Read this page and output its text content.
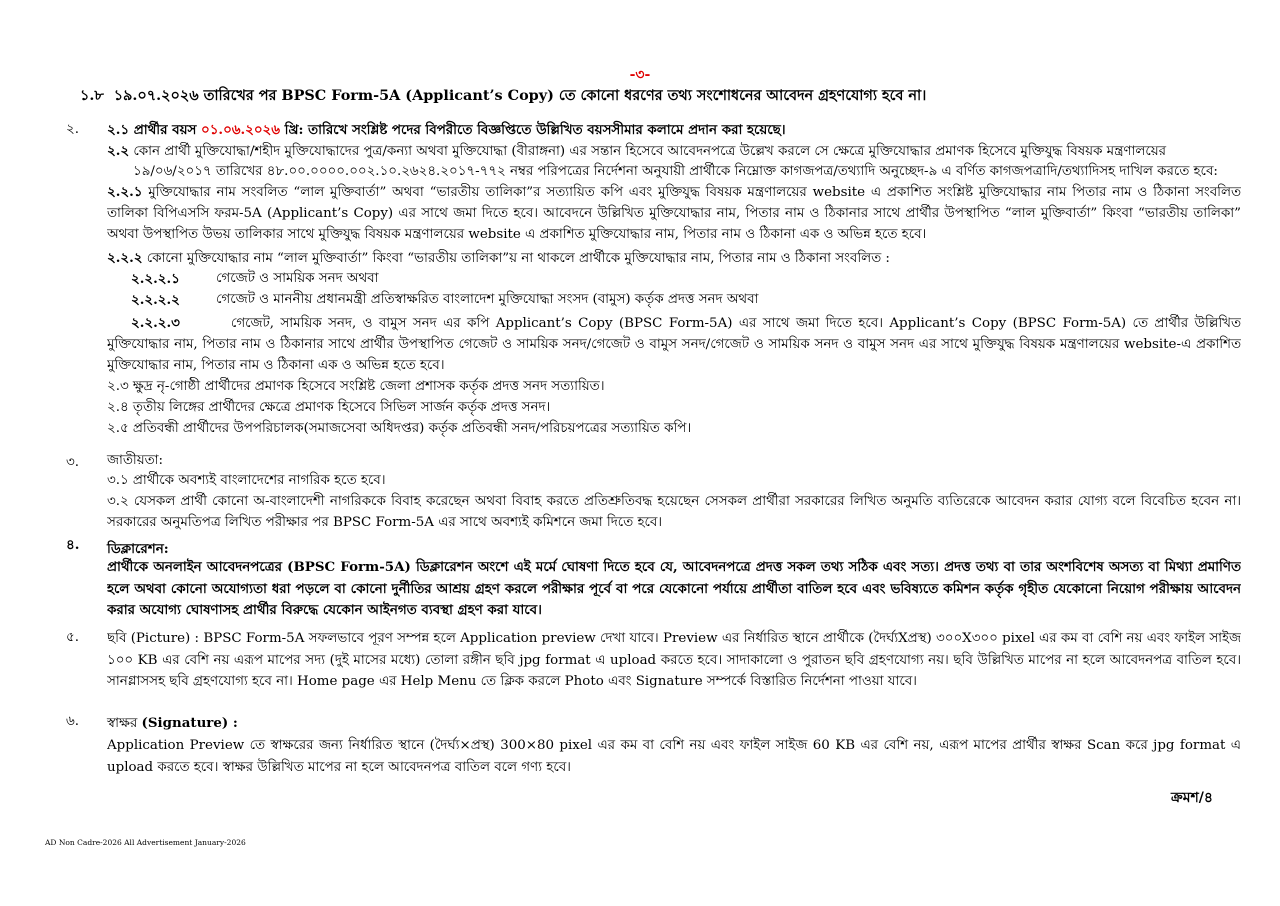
-৩-
১.৮ ১৯.০৭.২০২৬ তারিখের পর BPSC Form-5A (Applicant’s Copy) তে কোনো ধরণের তথ্য সংশোধনের আবেদন গ্রহণযোগ্য হবে না।
২. ২.১ প্রার্থীর বয়স ০১.০৬.২০২৬ খ্রি: তারিখে সংশ্লিষ্ট পদের বিপরীতে বিজ্ঞপ্তিতে উল্লিখিত বয়সসীমার কলামে প্রদান করা হয়েছে।
২.২ কোন প্রার্থী মুক্তিযোদ্ধা/শহীদ মুক্তিযোদ্ধাদের পুত্র/কন্যা অথবা মুক্তিযোদ্ধা (বীরাঙ্গনা) এর সন্তান হিসেবে আবেদনপত্রে উল্লেখ করলে সে ক্ষেত্রে মুক্তিযোদ্ধার প্রমাণক হিসেবে মুক্তিযুদ্ধ বিষয়ক মন্ত্রণালয়ের
১৯/০৬/২০১৭ তারিখের ৪৮.০০.০০০০.০০২.১০.২৬২৪.২০১৭-৭৭২ নম্বর পরিপত্রের নির্দেশনা অনুযায়ী প্রার্থীকে নিম্নোক্ত কাগজপত্র/তথ্যাদি অনুচ্ছেদ-৯ এ বর্ণিত কাগজপত্রাদি/তথ্যাদিসহ দাখিল করতে হবে:
২.২.১ মুক্তিযোদ্ধার নাম সংবলিত “লাল মুক্তিবার্তা” অথবা “ভারতীয় তালিকা”র সত্যায়িত কপি এবং মুক্তিযুদ্ধ বিষয়ক মন্ত্রণালয়ের website এ প্রকাশিত সংশ্লিষ্ট মুক্তিযোদ্ধার নাম পিতার নাম ও ঠিকানা সংবলিত তালিকা বিপিএসসি ফরম-5A (Applicant’s Copy) এর সাথে জমা দিতে হবে। আবেদনে উল্লিখিত মুক্তিযোদ্ধার নাম, পিতার নাম ও ঠিকানার সাথে প্রার্থীর উপস্থাপিত “লাল মুক্তিবার্তা” কিংবা “ভারতীয় তালিকা” অথবা উপস্থাপিত উভয় তালিকার সাথে মুক্তিযুদ্ধ বিষয়ক মন্ত্রণালয়ের website এ প্রকাশিত মুক্তিযোদ্ধার নাম, পিতার নাম ও ঠিকানা এক ও অভিন্ন হতে হবে।
২.২.২ কোনো মুক্তিযোদ্ধার নাম “লাল মুক্তিবার্তা” কিংবা “ভারতীয় তালিকা”য় না থাকলে প্রার্থীকে মুক্তিযোদ্ধার নাম, পিতার নাম ও ঠিকানা সংবলিত :
২.২.২.১	গেজেট ও সাময়িক সনদ অথবা
২.২.২.২	গেজেট ও মাননীয় প্রধানমন্ত্রী প্রতিস্বাক্ষরিত বাংলাদেশ মুক্তিযোদ্ধা সংসদ (বামুস) কর্তৃক প্রদত্ত সনদ অথবা
২.২.২.৩	গেজেট, সাময়িক সনদ, ও বামুস সনদ এর কপি Applicant’s Copy (BPSC Form-5A) এর সাথে জমা দিতে হবে। Applicant’s Copy (BPSC Form-5A) তে প্রার্থীর উল্লিখিত মুক্তিযোদ্ধার নাম, পিতার নাম ও ঠিকানার সাথে প্রার্থীর উপস্থাপিত গেজেট ও সাময়িক সনদ/গেজেট ও বামুস সনদ/গেজেট ও সাময়িক সনদ ও বামুস সনদ এর সাথে মুক্তিযুদ্ধ বিষয়ক মন্ত্রণালয়ের website-এ প্রকাশিত মুক্তিযোদ্ধার নাম, পিতার নাম ও ঠিকানা এক ও অভিন্ন হতে হবে।
২.৩ ক্ষুদ্র নৃ-গোষ্ঠী প্রার্থীদের প্রমাণক হিসেবে সংশ্লিষ্ট জেলা প্রশাসক কর্তৃক প্রদত্ত সনদ সত্যায়িত।
২.৪ তৃতীয় লিঙ্গের প্রার্থীদের ক্ষেত্রে প্রমাণক হিসেবে সিভিল সার্জন কর্তৃক প্রদত্ত সনদ।
২.৫ প্রতিবন্ধী প্রার্থীদের উপপরিচালক(সমাজসেবা অধিদপ্তর) কর্তৃক প্রতিবন্ধী সনদ/পরিচয়পত্রের সত্যায়িত কপি।
৩. জাতীয়তা:
৩.১ প্রার্থীকে অবশ্যই বাংলাদেশের নাগরিক হতে হবে।
৩.২ যেসকল প্রার্থী কোনো অ-বাংলাদেশী নাগরিককে বিবাহ করেছেন অথবা বিবাহ করতে প্রতিশ্রুতিবদ্ধ হয়েছেন সেসকল প্রার্থীরা সরকারের লিখিত অনুমতি ব্যতিরেকে আবেদন করার যোগ্য বলে বিবেচিত হবেন না। সরকারের অনুমতিপত্র লিখিত পরীক্ষার পর BPSC Form-5A এর সাথে অবশ্যই কমিশনে জমা দিতে হবে।
৪. ডিক্লারেশন:
প্রার্থীকে অনলাইন আবেদনপত্রের (BPSC Form-5A) ডিক্লারেশন অংশে এই মর্মে ঘোষণা দিতে হবে যে, আবেদনপত্রে প্রদত্ত সকল তথ্য সঠিক এবং সত্য। প্রদত্ত তথ্য বা তার অংশবিশেষ অসত্য বা মিথ্যা প্রমাণিত হলে অথবা কোনো অযোগ্যতা ধরা পড়লে বা কোনো দুর্নীতির আশ্রয় গ্রহণ করলে পরীক্ষার পূর্বে বা পরে যেকোনো পর্যায়ে প্রার্থীতা বাতিল হবে এবং ভবিষ্যতে কমিশন কর্তৃক গৃহীত যেকোনো নিয়োগ পরীক্ষায় আবেদন করার অযোগ্য ঘোষণাসহ প্রার্থীর বিরুদ্ধে যেকোন আইনগত ব্যবস্থা গ্রহণ করা যাবে।
৫. ছবি (Picture) : BPSC Form-5A সফলভাবে পূরণ সম্পন্ন হলে Application preview দেখা যাবে। Preview এর নির্ধারিত স্থানে প্রার্থীকে (দৈর্ঘ্যXপ্রস্থ) ৩০০X৩০০ pixel এর কম বা বেশি নয় এবং ফাইল সাইজ ১০০ KB এর বেশি নয় এরূপ মাপের সদ্য (দুই মাসের মধ্যে) তোলা রঙ্গীন ছবি jpg format এ upload করতে হবে। সাদাকালো ও পুরাতন ছবি গ্রহণযোগ্য নয়। ছবি উল্লিখিত মাপের না হলে আবেদনপত্র বাতিল হবে। সানগ্লাসসহ ছবি গ্রহণযোগ্য হবে না। Home page এর Help Menu তে ক্লিক করলে Photo এবং Signature সম্পর্কে বিস্তারিত নির্দেশনা পাওয়া যাবে।
৬. স্বাক্ষর (Signature) :
Application Preview তে স্বাক্ষরের জন্য নির্ধারিত স্থানে (দৈর্ঘ্য×প্রস্থ) 300×80 pixel এর কম বা বেশি নয় এবং ফাইল সাইজ 60 KB এর বেশি নয়, এরূপ মাপের প্রার্থীর স্বাক্ষর Scan করে jpg format এ upload করতে হবে। স্বাক্ষর উল্লিখিত মাপের না হলে আবেদনপত্র বাতিল বলে গণ্য হবে।
ক্রমশ/৪
AD Non Cadre-2026 All Advertisement January-2026
